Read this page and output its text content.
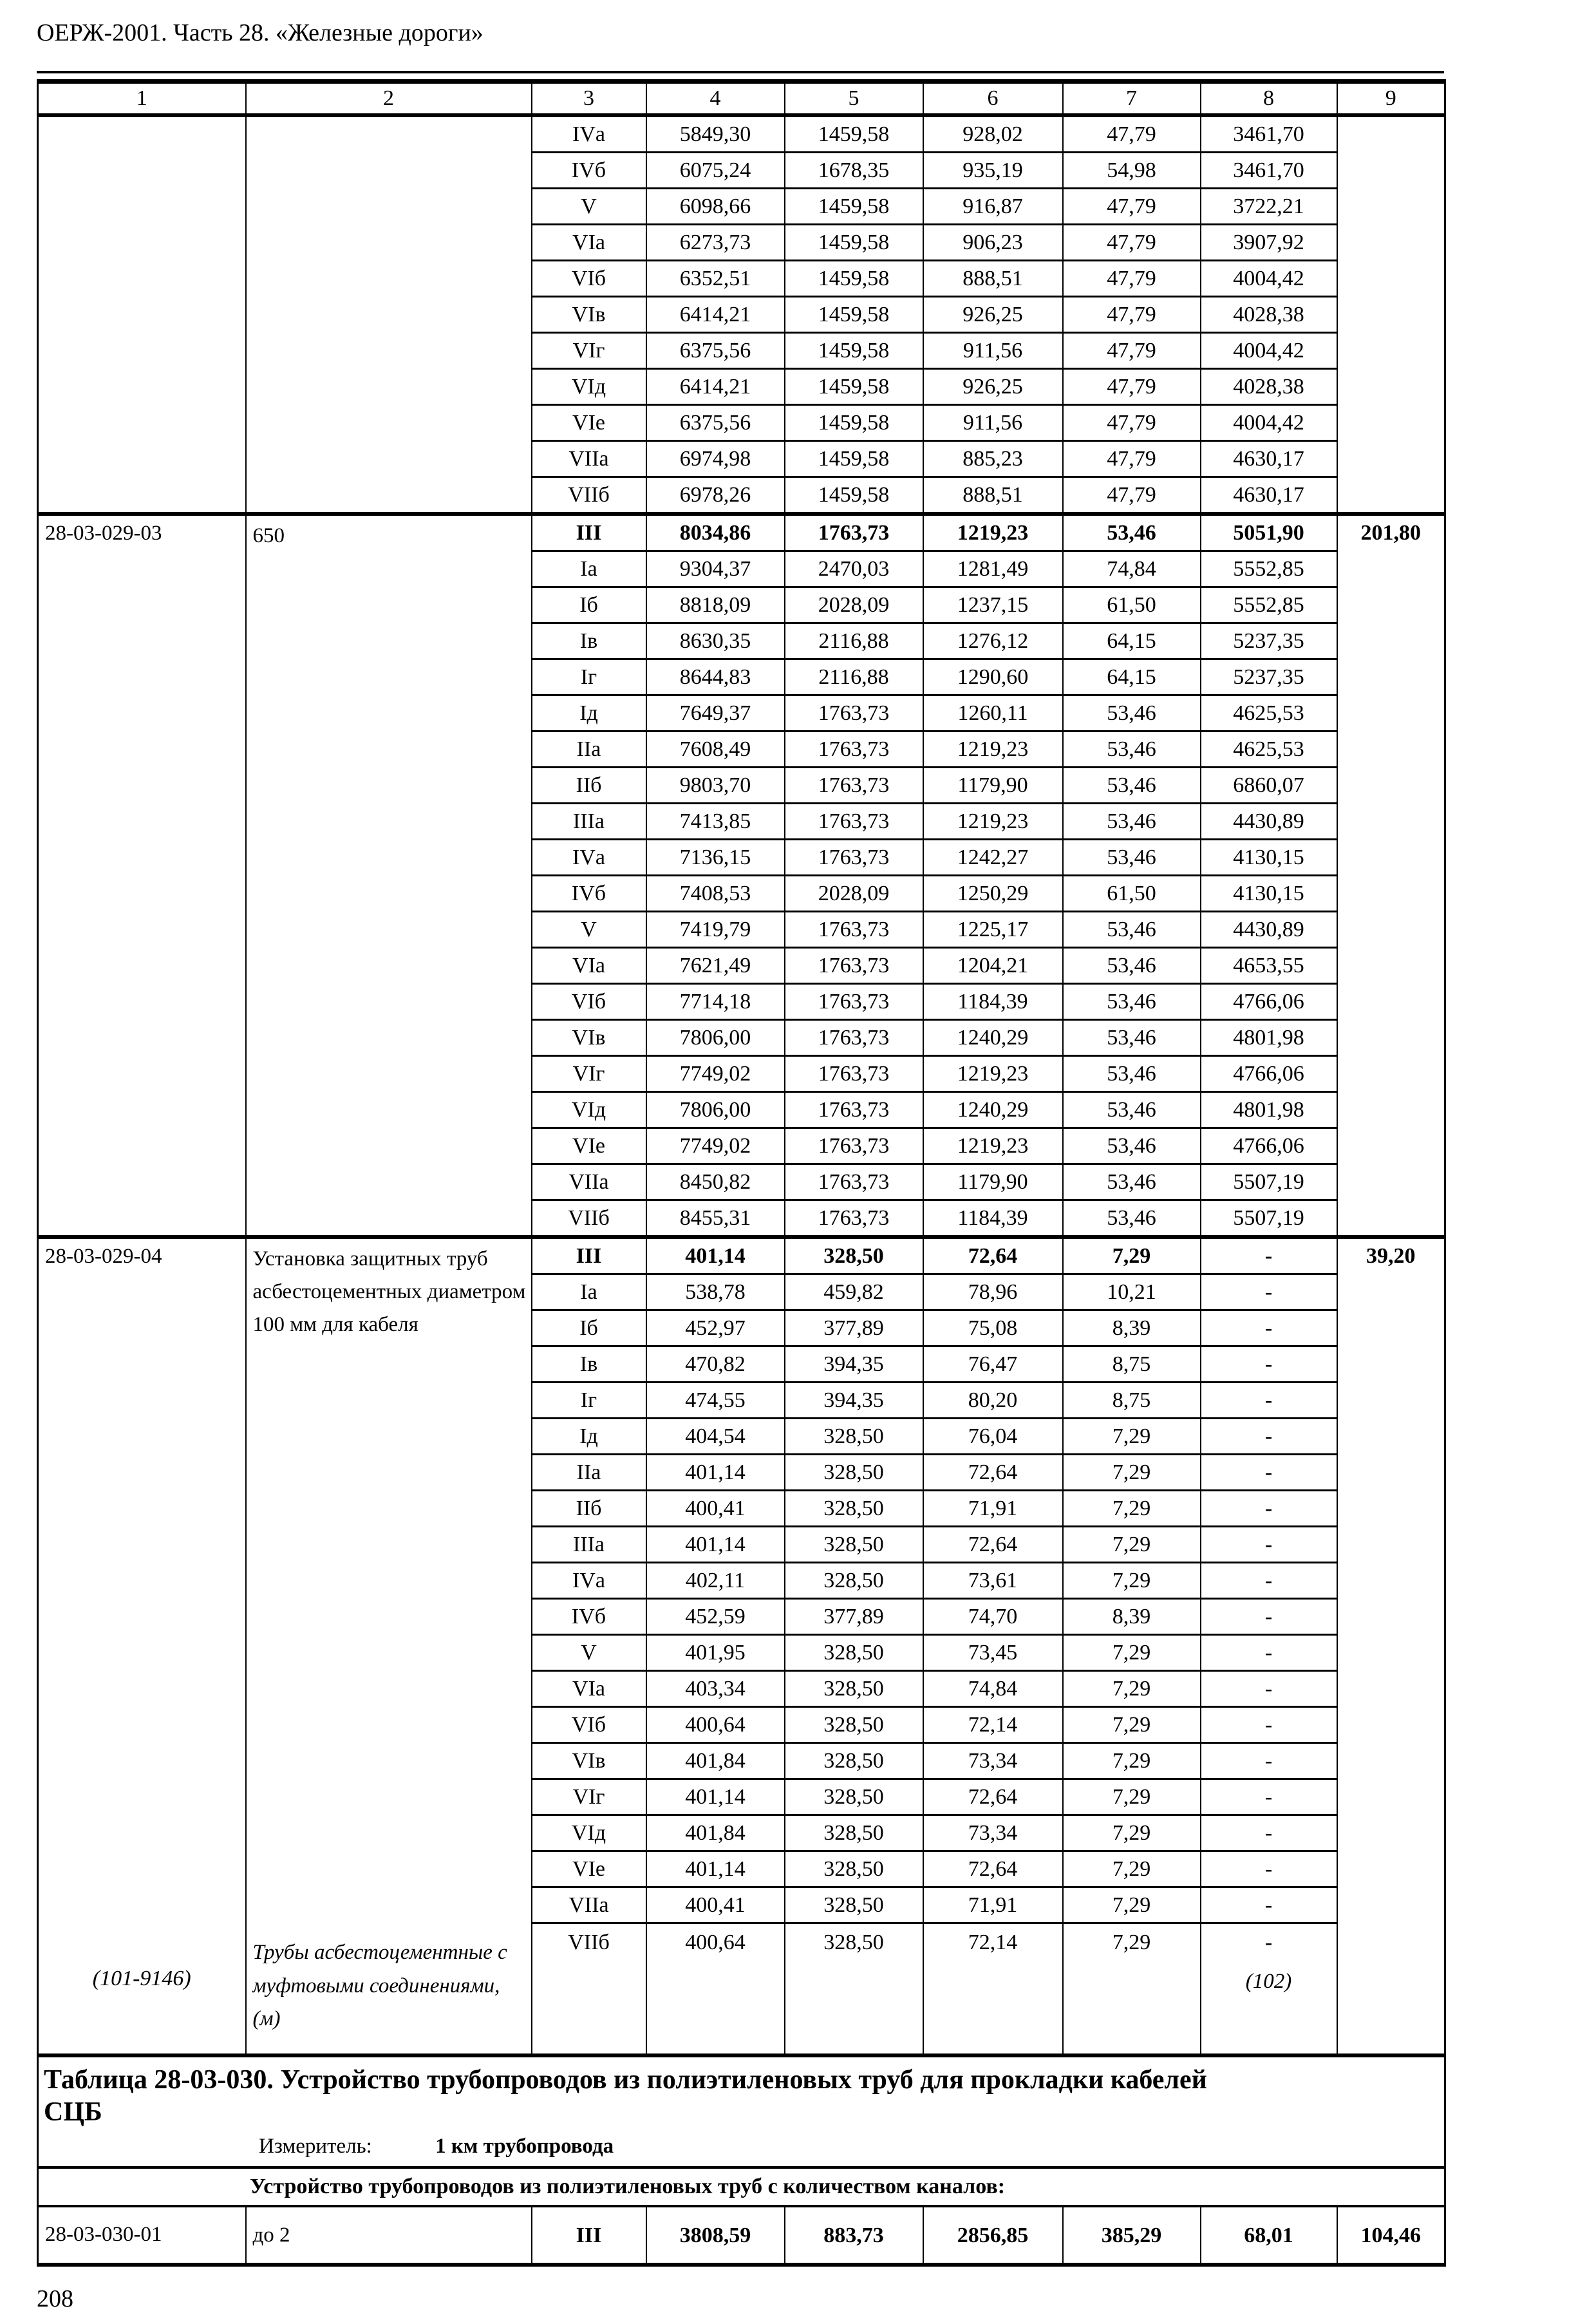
ОЕРЖ-2001. Часть 28. «Железные дороги»
1	2	3	4	5	6	7	8	9
		IVа	5849,30	1459,58	928,02	47,79	3461,70	
		IVб	6075,24	1678,35	935,19	54,98	3461,70	
		V	6098,66	1459,58	916,87	47,79	3722,21	
		VIа	6273,73	1459,58	906,23	47,79	3907,92	
		VIб	6352,51	1459,58	888,51	47,79	4004,42	
		VIв	6414,21	1459,58	926,25	47,79	4028,38	
		VIг	6375,56	1459,58	911,56	47,79	4004,42	
		VIд	6414,21	1459,58	926,25	47,79	4028,38	
		VIе	6375,56	1459,58	911,56	47,79	4004,42	
		VIIа	6974,98	1459,58	885,23	47,79	4630,17	
		VIIб	6978,26	1459,58	888,51	47,79	4630,17	
28-03-029-03	650	III	8034,86	1763,73	1219,23	53,46	5051,90	201,80
		Iа	9304,37	2470,03	1281,49	74,84	5552,85	
		Iб	8818,09	2028,09	1237,15	61,50	5552,85	
		Iв	8630,35	2116,88	1276,12	64,15	5237,35	
		Iг	8644,83	2116,88	1290,60	64,15	5237,35	
		Iд	7649,37	1763,73	1260,11	53,46	4625,53	
		IIа	7608,49	1763,73	1219,23	53,46	4625,53	
		IIб	9803,70	1763,73	1179,90	53,46	6860,07	
		IIIа	7413,85	1763,73	1219,23	53,46	4430,89	
		IVа	7136,15	1763,73	1242,27	53,46	4130,15	
		IVб	7408,53	2028,09	1250,29	61,50	4130,15	
		V	7419,79	1763,73	1225,17	53,46	4430,89	
		VIа	7621,49	1763,73	1204,21	53,46	4653,55	
		VIб	7714,18	1763,73	1184,39	53,46	4766,06	
		VIв	7806,00	1763,73	1240,29	53,46	4801,98	
		VIг	7749,02	1763,73	1219,23	53,46	4766,06	
		VIд	7806,00	1763,73	1240,29	53,46	4801,98	
		VIе	7749,02	1763,73	1219,23	53,46	4766,06	
		VIIа	8450,82	1763,73	1179,90	53,46	5507,19	
		VIIб	8455,31	1763,73	1184,39	53,46	5507,19	
28-03-029-04	Установка защитных труб асбестоцементных диаметром 100 мм для кабеля	III	401,14	328,50	72,64	7,29	-	39,20
		Iа	538,78	459,82	78,96	10,21	-	
		Iб	452,97	377,89	75,08	8,39	-	
		Iв	470,82	394,35	76,47	8,75	-	
		Iг	474,55	394,35	80,20	8,75	-	
		Iд	404,54	328,50	76,04	7,29	-	
		IIа	401,14	328,50	72,64	7,29	-	
		IIб	400,41	328,50	71,91	7,29	-	
		IIIа	401,14	328,50	72,64	7,29	-	
		IVа	402,11	328,50	73,61	7,29	-	
		IVб	452,59	377,89	74,70	8,39	-	
		V	401,95	328,50	73,45	7,29	-	
		VIа	403,34	328,50	74,84	7,29	-	
		VIб	400,64	328,50	72,14	7,29	-	
		VIв	401,84	328,50	73,34	7,29	-	
		VIг	401,14	328,50	72,64	7,29	-	
		VIд	401,84	328,50	73,34	7,29	-	
		VIе	401,14	328,50	72,64	7,29	-	
		VIIа	400,41	328,50	71,91	7,29	-	
		VIIб	400,64	328,50	72,14	7,29	-
(102)	

(101-9146)	Трубы асбестоцементные с муфтовыми соединениями, (м)							

Таблица 28-03-030. Устройство трубопроводов из полиэтиленовых труб для прокладки кабелей СЦБ
Измеритель: 1 км трубопровода								

Устройство трубопроводов из полиэтиленовых труб с количеством каналов:								
28-03-030-01	до 2	III	3808,59	883,73	2856,85	385,29	68,01	104,46
208
